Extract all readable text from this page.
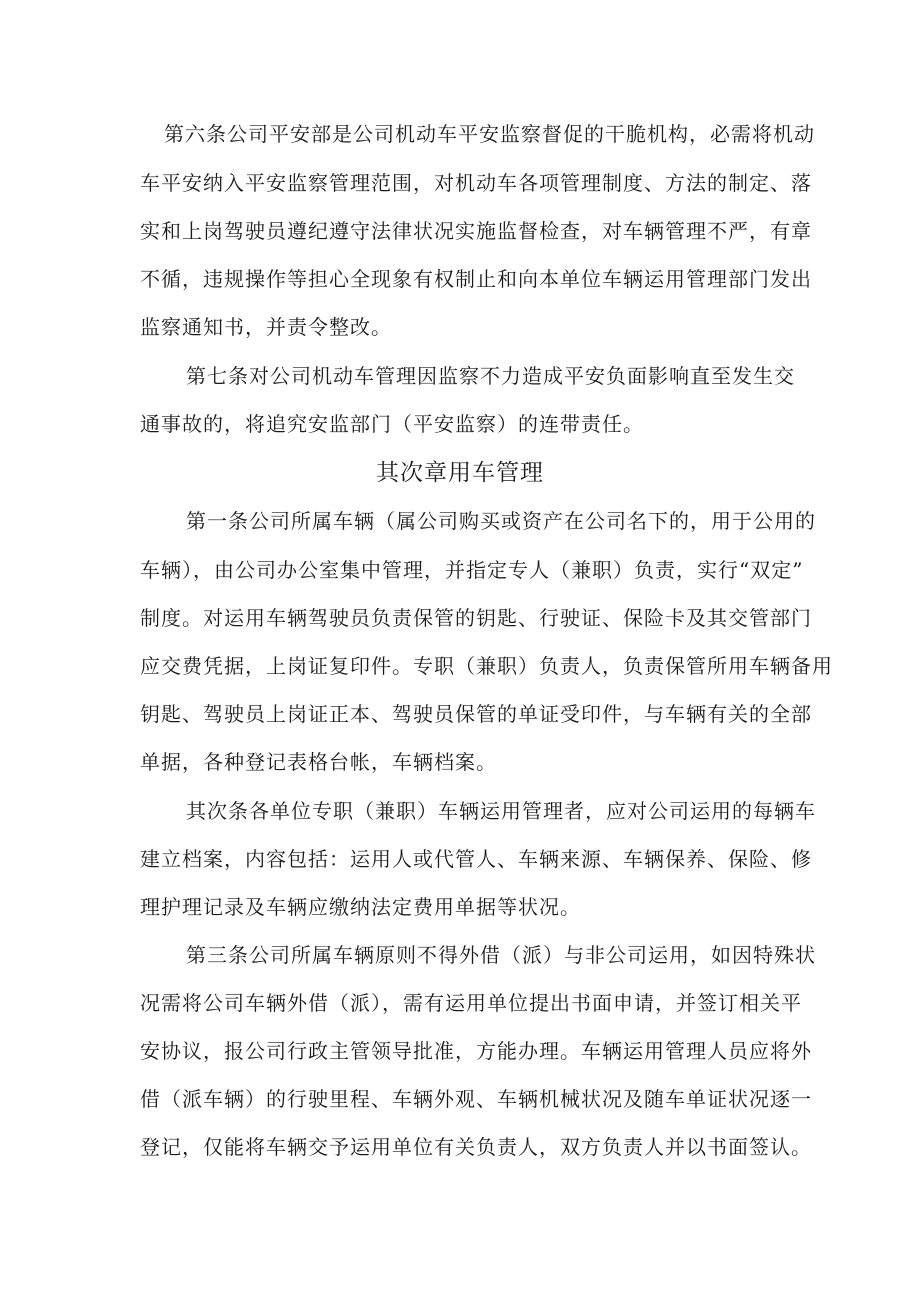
第六条公司平安部是公司机动车平安监察督促的干脆机构，必需将机动
车平安纳入平安监察管理范围，对机动车各项管理制度、方法的制定、落
实和上岗驾驶员遵纪遵守法律状况实施监督检查，对车辆管理不严，有章
不循，违规操作等担心全现象有权制止和向本单位车辆运用管理部门发出
监察通知书，并责令整改。
第七条对公司机动车管理因监察不力造成平安负面影响直至发生交
通事故的，将追究安监部门（平安监察）的连带责任。
其次章用车管理
第一条公司所属车辆（属公司购买或资产在公司名下的，用于公用的
车辆），由公司办公室集中管理，并指定专人（兼职）负责，实行“双定”
制度。对运用车辆驾驶员负责保管的钥匙、行驶证、保险卡及其交管部门
应交费凭据，上岗证复印件。专职（兼职）负责人，负责保管所用车辆备用
钥匙、驾驶员上岗证正本、驾驶员保管的单证受印件，与车辆有关的全部
单据，各种登记表格台帐，车辆档案。
其次条各单位专职（兼职）车辆运用管理者，应对公司运用的每辆车
建立档案，内容包括：运用人或代管人、车辆来源、车辆保养、保险、修
理护理记录及车辆应缴纳法定费用单据等状况。
第三条公司所属车辆原则不得外借（派）与非公司运用，如因特殊状
况需将公司车辆外借（派），需有运用单位提出书面申请，并签订相关平
安协议，报公司行政主管领导批准，方能办理。车辆运用管理人员应将外
借（派车辆）的行驶里程、车辆外观、车辆机械状况及随车单证状况逐一
登记，仅能将车辆交予运用单位有关负责人，双方负责人并以书面签认。
